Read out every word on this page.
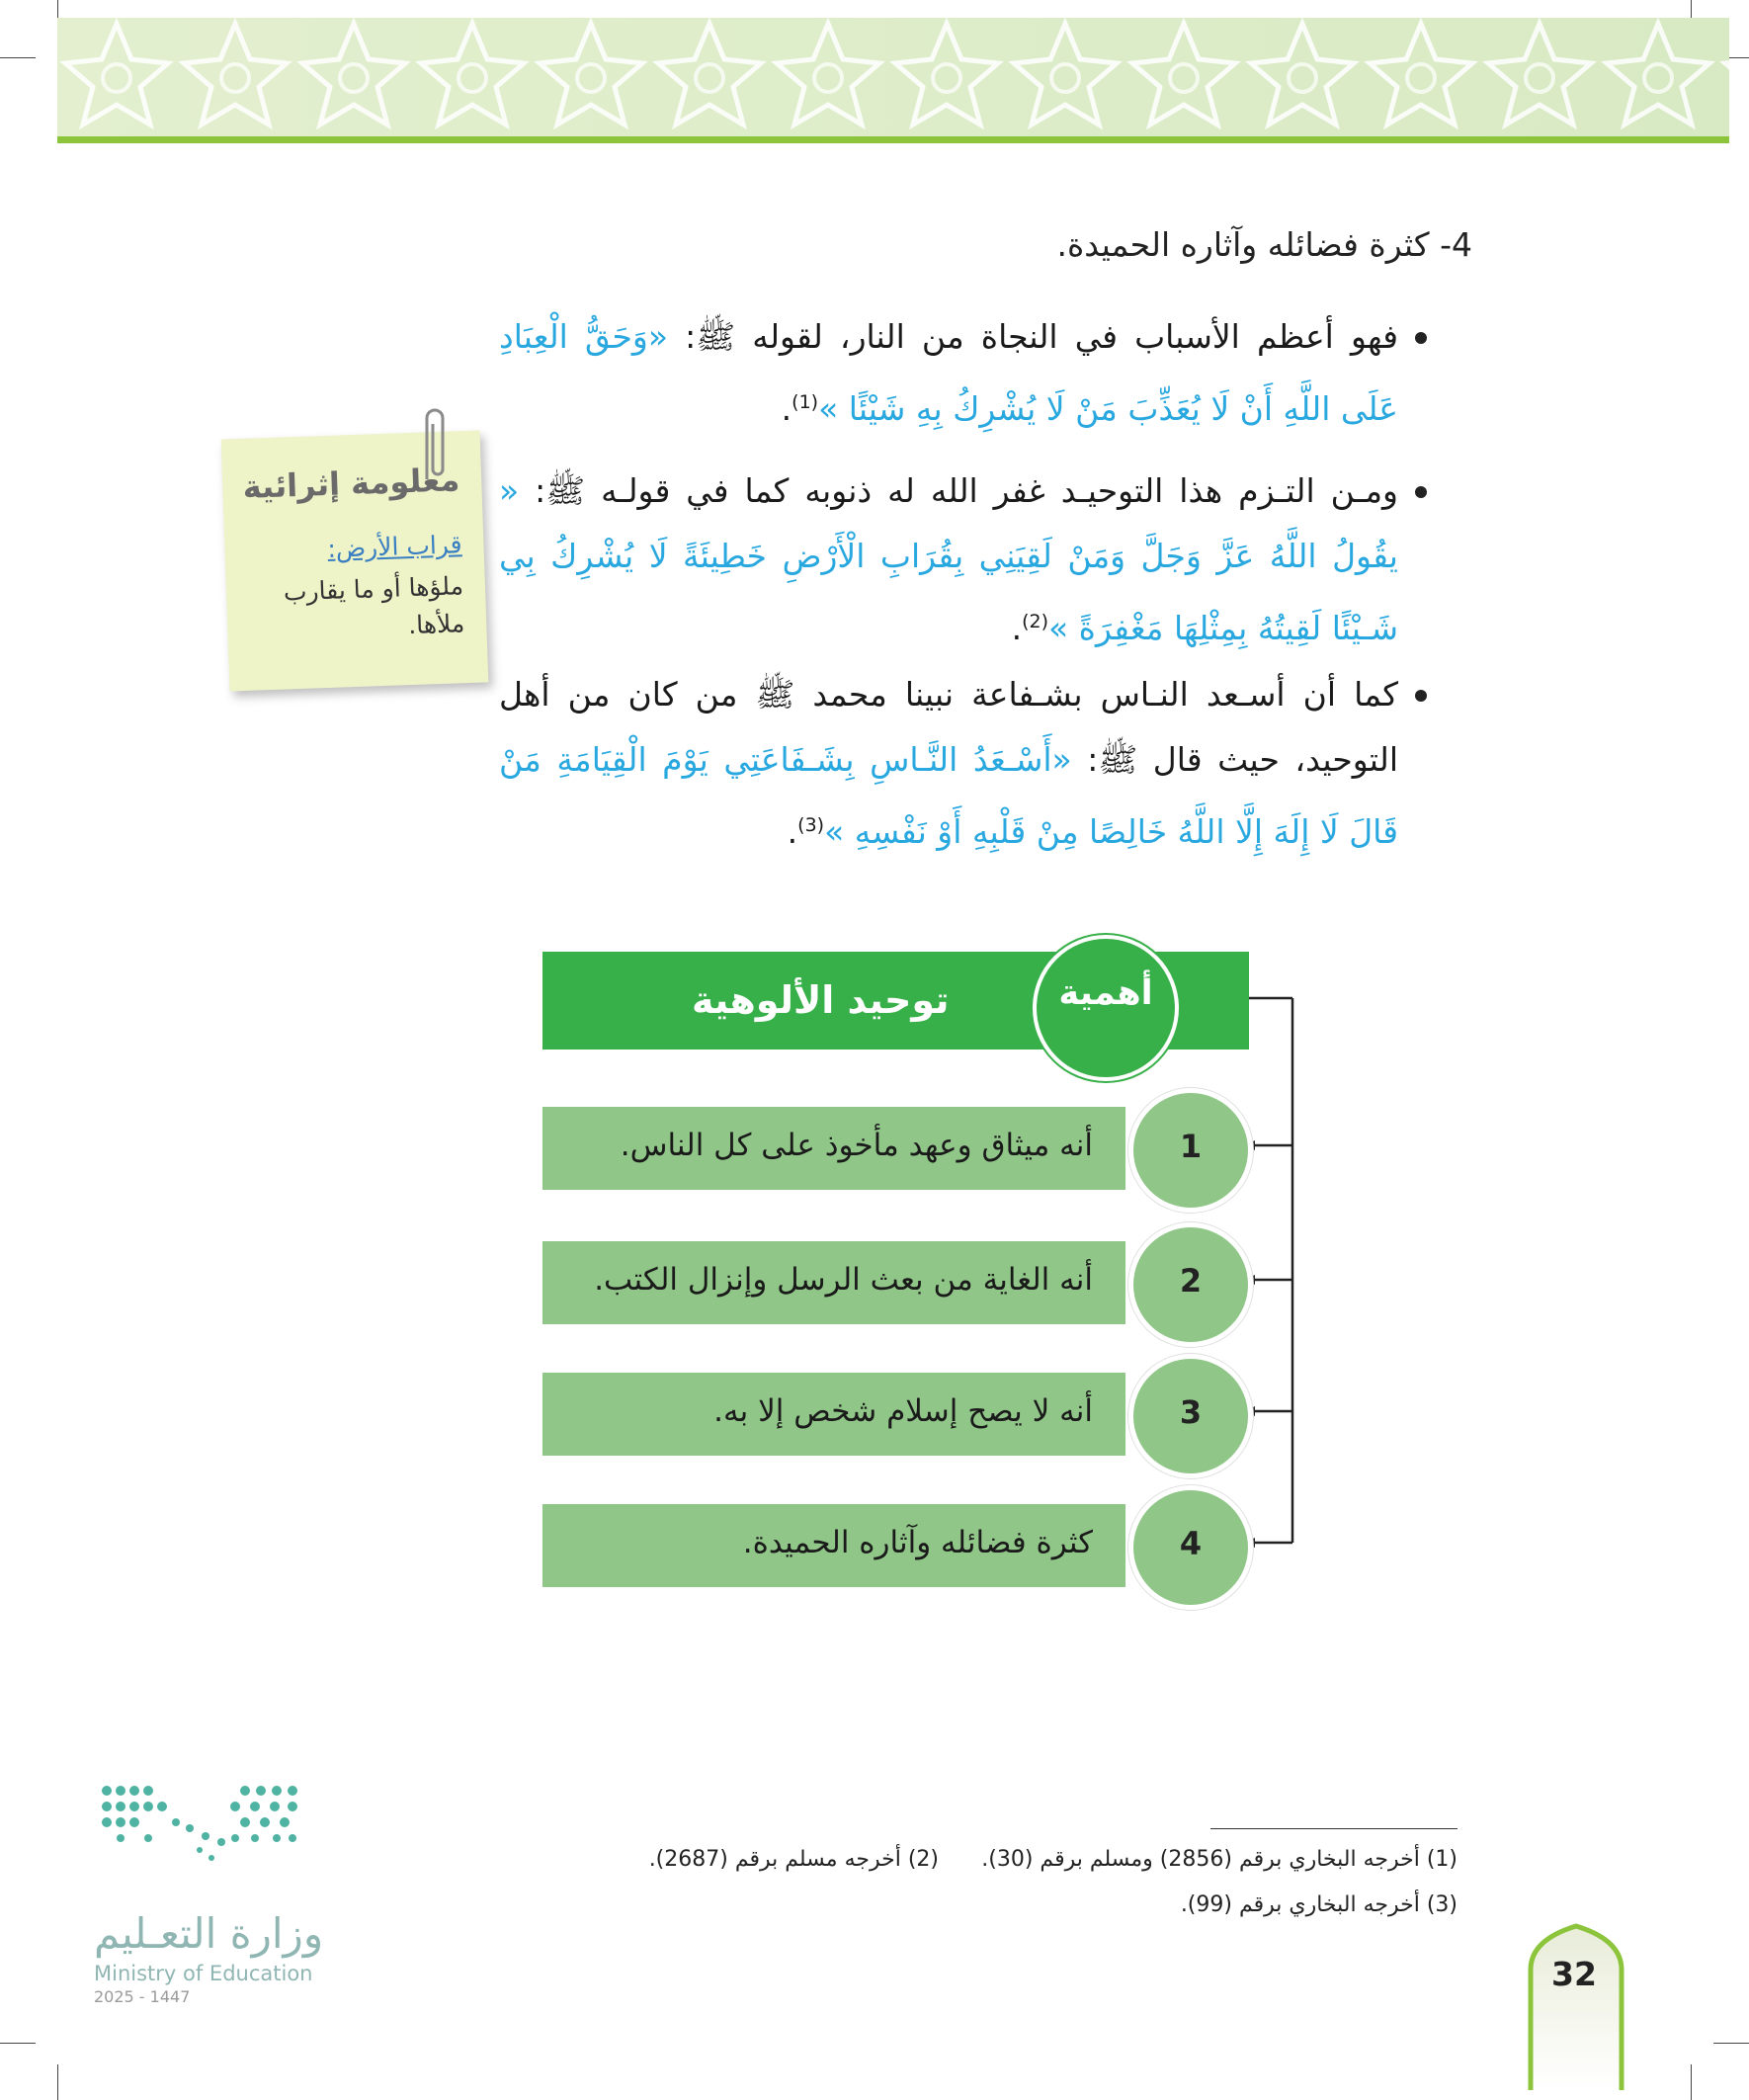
4- كثرة فضائله وآثاره الحميدة.
فهو أعظم الأسباب في النجاة من النار، لقوله ﷺ: «وَحَقُّ الْعِبَادِ عَلَى اللَّهِ أَنْ لَا يُعَذِّبَ مَنْ لَا يُشْرِكُ بِهِ شَيْئًا »$^{(1)}$.
ومـن التـزم هذا التوحيـد غفر الله له ذنوبه كما في قولـه ﷺ: « يقُولُ اللَّهُ عَزَّ وَجَلَّ وَمَنْ لَقِيَنِي بِقُرَابِ الْأَرْضِ خَطِيئَةً لَا يُشْرِكُ بِي شَـيْئًا لَقِيتُهُ بِمِثْلِهَا مَغْفِرَةً »$^{(2)}$.
كما أن أسـعد النـاس بشـفاعة نبينا محمد ﷺ من كان من أهل التوحيد، حيث قال ﷺ: «أَسْـعَدُ النَّـاسِ بِشَـفَاعَتِي يَوْمَ الْقِيَامَةِ مَنْ قَالَ لَا إِلَهَ إِلَّا اللَّهُ خَالِصًا مِنْ قَلْبِهِ أَوْ نَفْسِهِ »$^{(3)}$.
معلومة إثرائية
قراب الأرض:
ملؤها أو ما يقارب ملأها.
توحيد الألوهية	أهمية
أنه ميثاق وعهد مأخوذ على كل الناس.	1
أنه الغاية من بعث الرسل وإنزال الكتب.	2
أنه لا يصح إسلام شخص إلا به.	3
كثرة فضائله وآثاره الحميدة.	4
(1) أخرجه البخاري برقم (2856) ومسلم برقم (30).
(2) أخرجه مسلم برقم (2687).
(3) أخرجه البخاري برقم (99).
وزارة التعـليم
Ministry of Education
2025 - 1447
32
